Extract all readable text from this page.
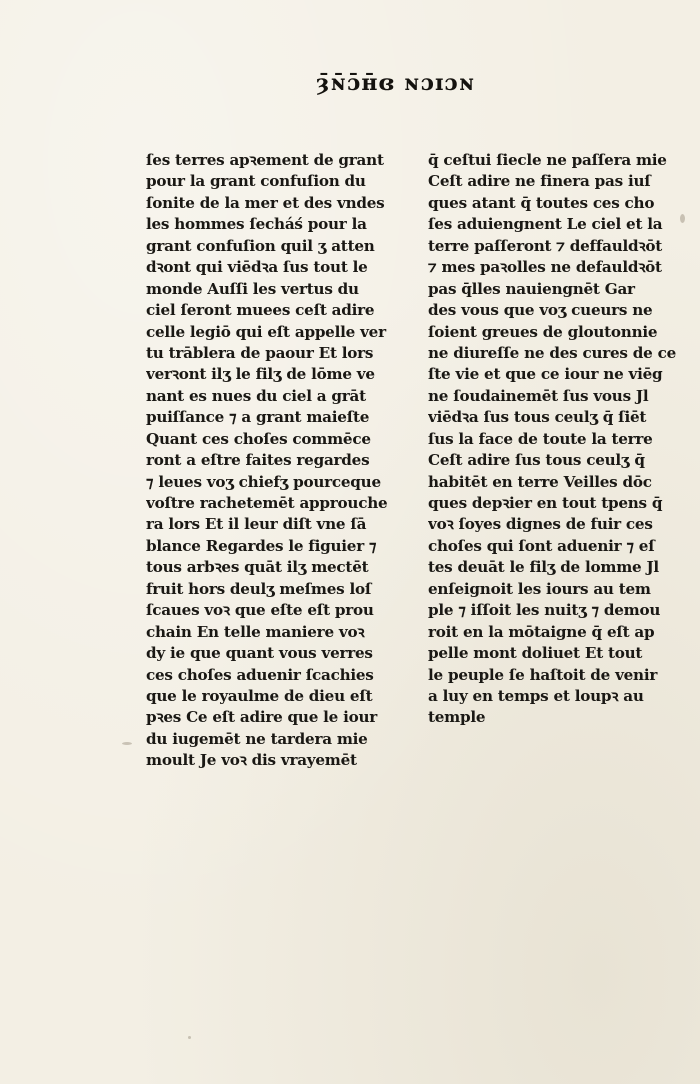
ȝ̄ɴ̄ɔ̄ʜ̄ɞ ɴɔɪɔɴ
ſes terres apꝛement de grant
pour la grant confuſion du
ſonite de la mer et des vndes
les hommes ſecháś pour la
grant confuſion quil ʒ atten
dꝛont qui viēdꝛa ſus tout le
monde Auſſi les vertus du
ciel ſeront muees ceſt adire
celle legiō qui eſt appelle ver
tu trāblera de paour Et lors
verꝛont ilʒ le filʒ de lōme ve
nant es nues du ciel a grāt
puiſſance ⁊ a grant maieſte
Quant ces choſes commēce
ront a eſtre faites regardes
⁊ leues voʒ chiefʒ pourceque
voſtre rachetemēt approuche
ra lors Et il leur diſt vne ſā
blance Regardes le figuier ⁊
tous arbꝛes quāt ilʒ mectēt
fruit hors deulʒ meſmes loſ
ſcaues voꝛ que eſte eſt prou
chain En telle maniere voꝛ
dy ie que quant vous verres
ces choſes aduenir ſcachies
que le royaulme de dieu eſt
pꝛes Ce eſt adire que le iour
du iugemēt ne tardera mie
moult Je voꝛ dis vrayemēt
q̄ ceſtui ſiecle ne paſſera mie
Ceſt adire ne finera pas iuſ
ques atant q̄ toutes ces cho
ſes aduiengnent Le ciel et la
terre paſſeront ⁊ deffauldꝛōt
⁊ mes paꝛolles ne defauldꝛōt
pas q̄lles nauiengnēt Gar
des vous que voʒ cueurs ne
ſoient greues de gloutonnie
ne diureſſe ne des cures de ce
ſte vie et que ce iour ne viēg
ne ſoudainemēt ſus vous Jl
viēdꝛa ſus tous ceulʒ q̄ ſiēt
ſus la face de toute la terre
Ceſt adire ſus tous ceulʒ q̄
habitēt en terre Veilles dōc
ques depꝛier en tout tpens q̄
voꝛ ſoyes dignes de fuir ces
choſes qui ſont aduenir ⁊ eſ
tes deuāt le filʒ de lomme Jl
enſeignoit les iours au tem
ple ⁊ iſſoit les nuitʒ ⁊ demou
roit en la mōtaigne q̄ eſt ap
pelle mont doliuet Et tout
le peuple ſe haſtoit de venir
a luy en temps et loupꝛ au
temple
